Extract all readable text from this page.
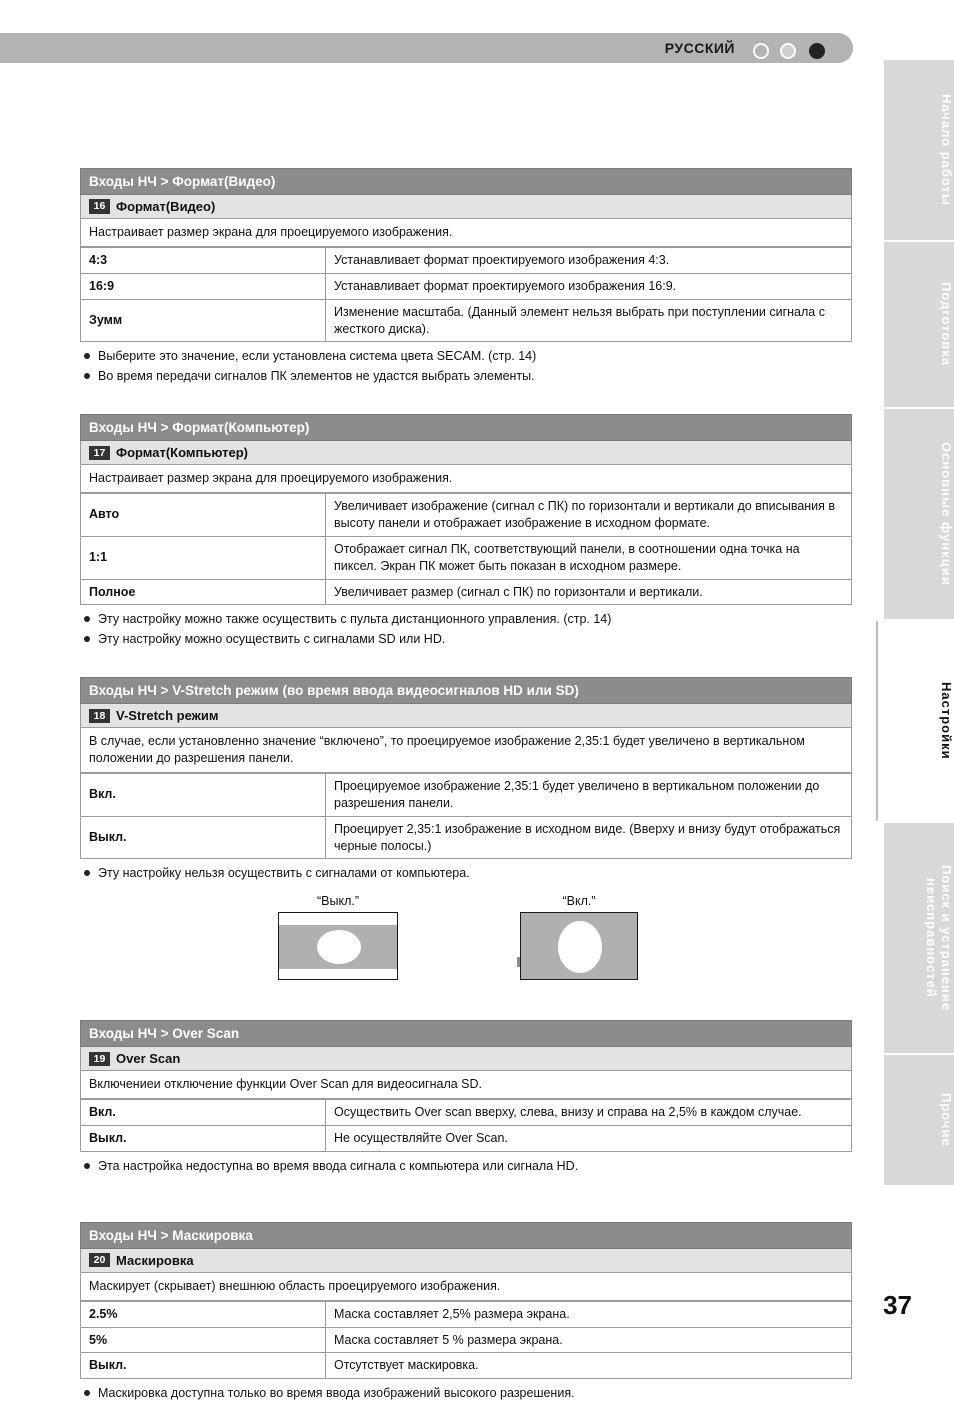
РУССКИЙ
Начало работы
Подготовка
Основные функции
Настройки
Поиск и устранение неисправностей
Прочие
Входы НЧ > Формат(Видео)
16 Формат(Видео)
Настраивает размер экрана для проецируемого изображения.
4:3	Устанавливает формат проектируемого изображения 4:3.
16:9	Устанавливает формат проектируемого изображения 16:9.
Зумм	Изменение масштаба. (Данный элемент нельзя выбрать при поступлении сигнала с жесткого диска).
Выберите это значение, если установлена система цвета SECAM. (стр. 14)
Во время передачи сигналов ПК элементов не удастся выбрать элементы.
Входы НЧ > Формат(Компьютер)
17 Формат(Компьютер)
Настраивает размер экрана для проецируемого изображения.
Авто	Увеличивает изображение (сигнал с ПК) по горизонтали и вертикали до вписывания в высоту панели и отображает изображение в исходном формате.
1:1	Отображает сигнал ПК, соответствующий панели, в соотношении одна точка на пиксел. Экран ПК может быть показан в исходном размере.
Полное	Увеличивает размер (сигнал с ПК) по горизонтали и вертикали.
Эту настройку можно также осуществить с пульта дистанционного управления. (стр. 14)
Эту настройку можно осуществить с сигналами SD или HD.
Входы НЧ > V-Stretch режим (во время ввода видеосигналов HD или SD)
18 V-Stretch режим
В случае, если установленно значение “включено”, то проецируемое изображение 2,35:1 будет увеличено в вертикальном положении до разрешения панели.
Вкл.	Проецируемое изображение 2,35:1 будет увеличено в вертикальном положении до разрешения панели.
Выкл.	Проецирует 2,35:1 изображение в исходном виде. (Вверху и внизу будут отображаться черные полосы.)
Эту настройку нельзя осуществить с сигналами от компьютера.
“Выкл.”	“Вкл.”
Входы НЧ > Over Scan
19 Over Scan
Включениеи отключение функции Over Scan для видеосигнала SD.
Вкл.	Осуществить Over scan вверху, слева, внизу и справа на 2,5% в каждом случае.
Выкл.	Не осуществляйте Over Scan.
Эта настройка недоступна во время ввода сигнала с компьютера или сигнала HD.
Входы НЧ > Маскировка
20 Маскировка
Маскирует (скрывает) внешнюю область проецируемого изображения.
2.5%	Маска составляет 2,5% размера экрана.
5%	Маска составляет 5 % размера экрана.
Выкл.	Отсутствует маскировка.
Маскировка доступна только во время ввода изображений высокого разрешения.
37
